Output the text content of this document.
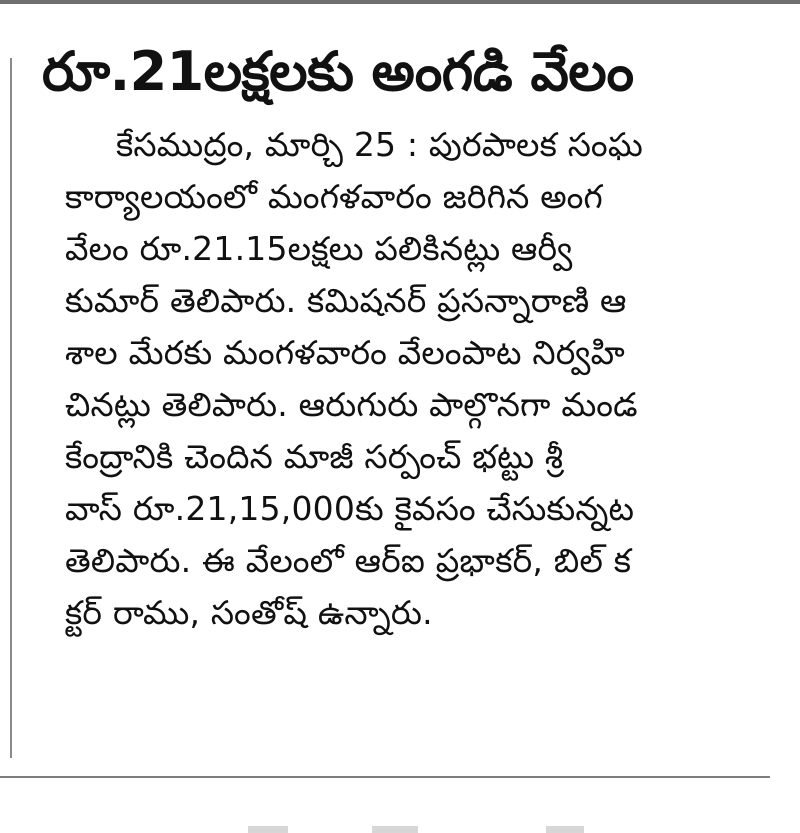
రూ.21లక్షలకు అంగడి వేలం
కేసముద్రం, మార్చి 25 : పురపాలక సంఘ
కార్యాలయంలో మంగళవారం జరిగిన అంగ
వేలం రూ.21.15లక్షలు పలికినట్లు ఆర్వీ
కుమార్ తెలిపారు. కమిషనర్ ప్రసన్నారాణి ఆ
శాల మేరకు మంగళవారం వేలంపాట నిర్వహి
చినట్లు తెలిపారు. ఆరుగురు పాల్గొనగా మండ
కేంద్రానికి చెందిన మాజీ సర్పంచ్ భట్టు శ్రీ
వాస్ రూ.21,15,000కు కైవసం చేసుకున్నట
తెలిపారు. ఈ వేలంలో ఆర్ఐ ప్రభాకర్, బిల్ క
క్టర్ రాము, సంతోష్ ఉన్నారు.
